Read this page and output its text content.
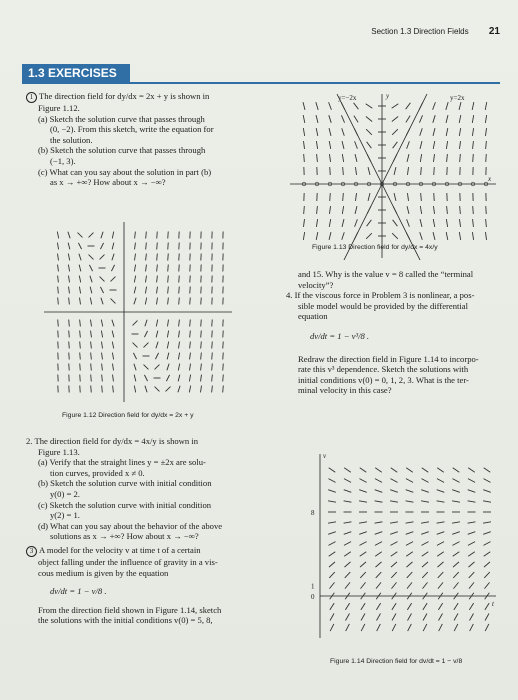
Section 1.3 Direction Fields 21
1.3 EXERCISES
1 The direction field for dy/dx = 2x + y is shown in
Figure 1.12.
(a) Sketch the solution curve that passes through
(0, −2). From this sketch, write the equation for
the solution.
(b) Sketch the solution curve that passes through
(−1, 3).
(c) What can you say about the solution in part (b)
as x → +∞? How about x → −∞?
Figure 1.12 Direction field for dy/dx = 2x + y
2. The direction field for dy/dx = 4x/y is shown in
Figure 1.13.
(a) Verify that the straight lines y = ±2x are solu-
tion curves, provided x ≠ 0.
(b) Sketch the solution curve with initial condition
y(0) = 2.
(c) Sketch the solution curve with initial condition
y(2) = 1.
(d) What can you say about the behavior of the above
solutions as x → +∞? How about x → −∞?
3 A model for the velocity v at time t of a certain
object falling under the influence of gravity in a vis-
cous medium is given by the equation
dv/dt = 1 − v/8 .
From the direction field shown in Figure 1.14, sketch
the solutions with the initial conditions v(0) = 5, 8,
y=−2x	y=2x
y
x
Figure 1.13 Direction field for dy/dx = 4x/y
and 15. Why is the value v = 8 called the “terminal
velocity”?
4. If the viscous force in Problem 3 is nonlinear, a pos-
sible model would be provided by the differential
equation
dv/dt = 1 − v³/8 .
Redraw the direction field in Figure 1.14 to incorpo-
rate this v³ dependence. Sketch the solutions with
initial conditions v(0) = 0, 1, 2, 3. What is the ter-
minal velocity in this case?
v
t
8
1
0
Figure 1.14 Direction field for dv/dt = 1 − v/8
